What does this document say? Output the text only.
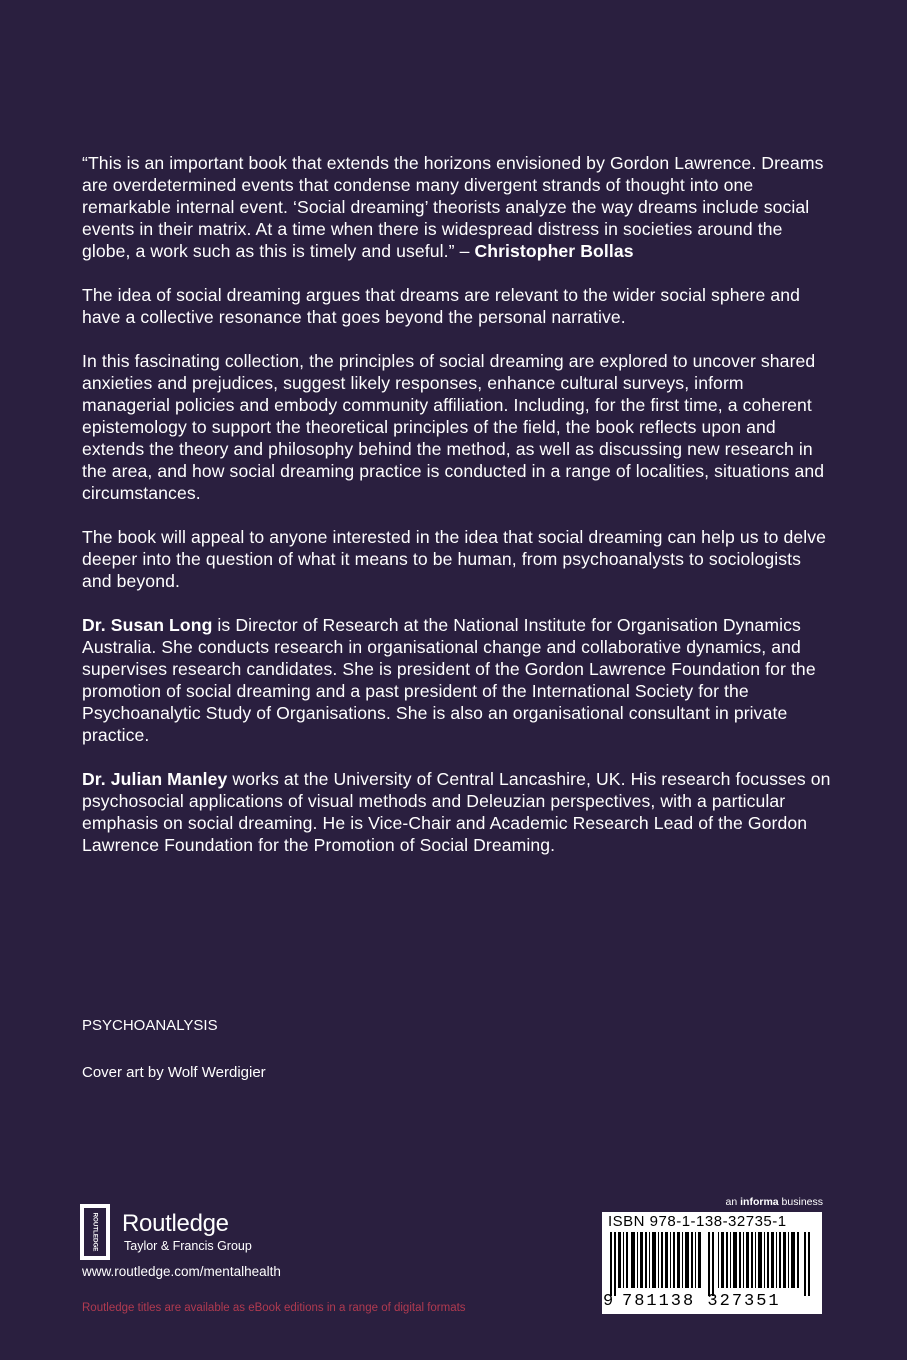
“This is an important book that extends the horizons envisioned by Gordon Lawrence. Dreams are overdetermined events that condense many divergent strands of thought into one remarkable internal event. ‘Social dreaming’ theorists analyze the way dreams include social events in their matrix. At a time when there is widespread distress in societies around the globe, a work such as this is timely and useful.” – Christopher Bollas

The idea of social dreaming argues that dreams are relevant to the wider social sphere and have a collective resonance that goes beyond the personal narrative.

In this fascinating collection, the principles of social dreaming are explored to uncover shared anxieties and prejudices, suggest likely responses, enhance cultural surveys, inform managerial policies and embody community affiliation. Including, for the first time, a coherent epistemology to support the theoretical principles of the field, the book reflects upon and extends the theory and philosophy behind the method, as well as discussing new research in the area, and how social dreaming practice is conducted in a range of localities, situations and circumstances.

The book will appeal to anyone interested in the idea that social dreaming can help us to delve deeper into the question of what it means to be human, from psychoanalysts to sociologists and beyond.

Dr. Susan Long is Director of Research at the National Institute for Organisation Dynamics Australia. She conducts research in organisational change and collaborative dynamics, and supervises research candidates. She is president of the Gordon Lawrence Foundation for the promotion of social dreaming and a past president of the International Society for the Psychoanalytic Study of Organisations. She is also an organisational consultant in private practice.

Dr. Julian Manley works at the University of Central Lancashire, UK. His research focusses on psychosocial applications of visual methods and Deleuzian perspectives, with a particular emphasis on social dreaming. He is Vice-Chair and Academic Research Lead of the Gordon Lawrence Foundation for the Promotion of Social Dreaming.

PSYCHOANALYSIS
Cover art by Wolf Werdigier
ROUTLEDGE Routledge
Taylor & Francis Group
www.routledge.com/mentalhealth
Routledge titles are available as eBook editions in a range of digital formats
an informa business
ISBN 978-1-138-32735-1
9 781138 327351
